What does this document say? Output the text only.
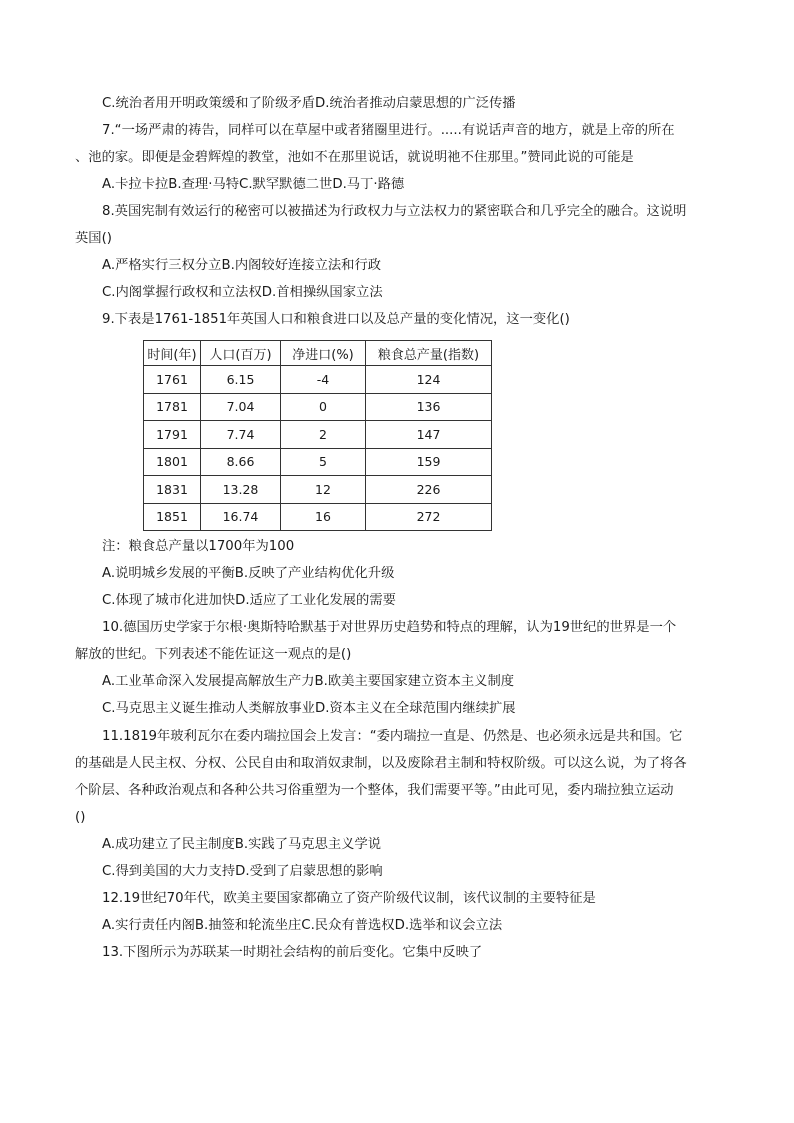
C.统治者用开明政策缓和了阶级矛盾D.统治者推动启蒙思想的广泛传播
7.“一场严肃的祷告，同样可以在草屋中或者猪圈里进行。.....有说话声音的地方，就是上帝的所在
、池的家。即便是金碧辉煌的教堂，池如不在那里说话，就说明祂不住那里。”赞同此说的可能是
A.卡拉卡拉B.查理·马特C.默罕默德二世D.马丁·路德
8.英国宪制有效运行的秘密可以被描述为行政权力与立法权力的紧密联合和几乎完全的融合。这说明
英国()
A.严格实行三权分立B.内阁较好连接立法和行政
C.内阁掌握行政权和立法权D.首相操纵国家立法
9.下表是1761-1851年英国人口和粮食进口以及总产量的变化情况，这一变化()
时间(年)	人口(百万)	净进口(%)	粮食总产量(指数)
1761	6.15	-4	124
1781	7.04	0	136
1791	7.74	2	147
1801	8.66	5	159
1831	13.28	12	226
1851	16.74	16	272
注：粮食总产量以1700年为100
A.说明城乡发展的平衡B.反映了产业结构优化升级
C.体现了城市化进加快D.适应了工业化发展的需要
10.德国历史学家于尔根·奥斯特哈默基于对世界历史趋势和特点的理解，认为19世纪的世界是一个
解放的世纪。下列表述不能佐证这一观点的是()
A.工业革命深入发展提高解放生产力B.欧美主要国家建立资本主义制度
C.马克思主义诞生推动人类解放事业D.资本主义在全球范围内继续扩展
11.1819年玻利瓦尔在委内瑞拉国会上发言：“委内瑞拉一直是、仍然是、也必须永远是共和国。它
的基础是人民主权、分权、公民自由和取消奴隶制，以及废除君主制和特权阶级。可以这么说，为了将各
个阶层、各种政治观点和各种公共习俗重塑为一个整体，我们需要平等。”由此可见，委内瑞拉独立运动
()
A.成功建立了民主制度B.实践了马克思主义学说
C.得到美国的大力支持D.受到了启蒙思想的影响
12.19世纪70年代，欧美主要国家都确立了资产阶级代议制，该代议制的主要特征是
A.实行责任内阁B.抽签和轮流坐庄C.民众有普选权D.选举和议会立法
13.下图所示为苏联某一时期社会结构的前后变化。它集中反映了
